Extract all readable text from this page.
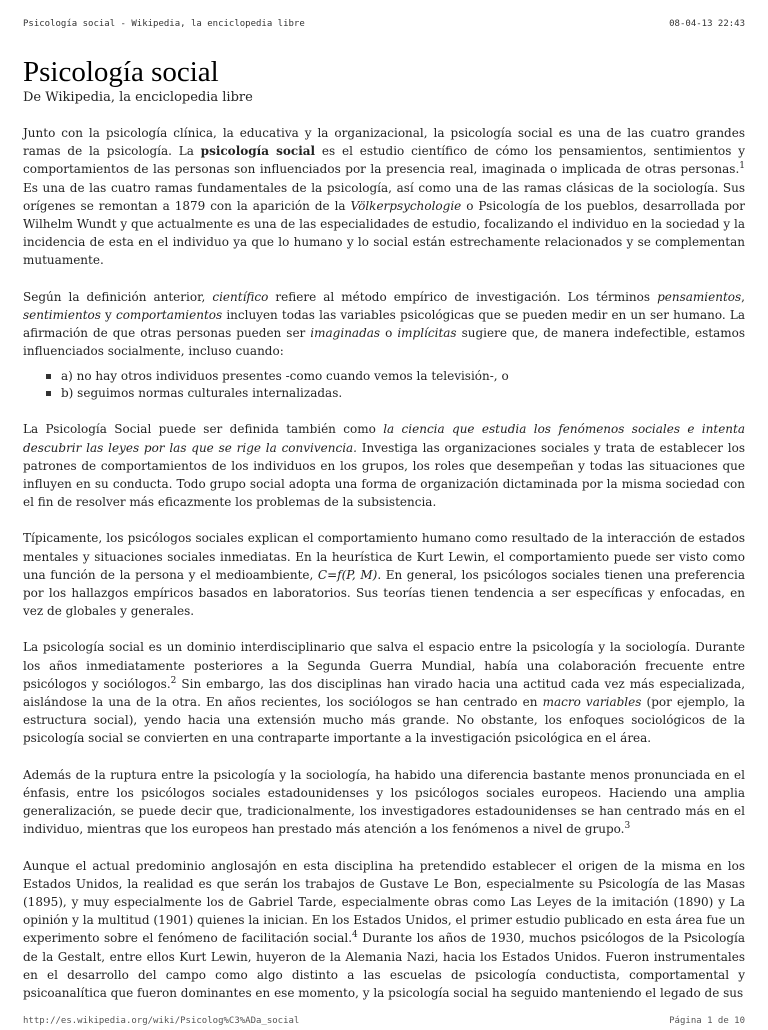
Psicología social - Wikipedia, la enciclopedia libre	08-04-13 22:43
Psicología social
De Wikipedia, la enciclopedia libre

Junto con la psicología clínica, la educativa y la organizacional, la psicología social es una de las cuatro grandes ramas de la psicología. La psicología social es el estudio científico de cómo los pensamientos, sentimientos y comportamientos de las personas son influenciados por la presencia real, imaginada o implicada de otras personas.$^1$ Es una de las cuatro ramas fundamentales de la psicología, así como una de las ramas clásicas de la sociología. Sus orígenes se remontan a 1879 con la aparición de la Völkerpsychologie o Psicología de los pueblos, desarrollada por Wilhelm Wundt y que actualmente es una de las especialidades de estudio, focalizando el individuo en la sociedad y la incidencia de esta en el individuo ya que lo humano y lo social están estrechamente relacionados y se complementan mutuamente.

Según la definición anterior, científico refiere al método empírico de investigación. Los términos pensamientos, sentimientos y comportamientos incluyen todas las variables psicológicas que se pueden medir en un ser humano. La afirmación de que otras personas pueden ser imaginadas o implícitas sugiere que, de manera indefectible, estamos influenciados socialmente, incluso cuando:

a) no hay otros individuos presentes -como cuando vemos la televisión-, o
b) seguimos normas culturales internalizadas.

La Psicología Social puede ser definida también como la ciencia que estudia los fenómenos sociales e intenta descubrir las leyes por las que se rige la convivencia. Investiga las organizaciones sociales y trata de establecer los patrones de comportamientos de los individuos en los grupos, los roles que desempeñan y todas las situaciones que influyen en su conducta. Todo grupo social adopta una forma de organización dictaminada por la misma sociedad con el fin de resolver más eficazmente los problemas de la subsistencia.

Típicamente, los psicólogos sociales explican el comportamiento humano como resultado de la interacción de estados mentales y situaciones sociales inmediatas. En la heurística de Kurt Lewin, el comportamiento puede ser visto como una función de la persona y el medioambiente, C=f(P, M). En general, los psicólogos sociales tienen una preferencia por los hallazgos empíricos basados en laboratorios. Sus teorías tienen tendencia a ser específicas y enfocadas, en vez de globales y generales.

La psicología social es un dominio interdisciplinario que salva el espacio entre la psicología y la sociología. Durante los años inmediatamente posteriores a la Segunda Guerra Mundial, había una colaboración frecuente entre psicólogos y sociólogos.$^2$ Sin embargo, las dos disciplinas han virado hacia una actitud cada vez más especializada, aislándose la una de la otra. En años recientes, los sociólogos se han centrado en macro variables (por ejemplo, la estructura social), yendo hacia una extensión mucho más grande. No obstante, los enfoques sociológicos de la psicología social se convierten en una contraparte importante a la investigación psicológica en el área.

Además de la ruptura entre la psicología y la sociología, ha habido una diferencia bastante menos pronunciada en el énfasis, entre los psicólogos sociales estadounidenses y los psicólogos sociales europeos. Haciendo una amplia generalización, se puede decir que, tradicionalmente, los investigadores estadounidenses se han centrado más en el individuo, mientras que los europeos han prestado más atención a los fenómenos a nivel de grupo.$^3$

Aunque el actual predominio anglosajón en esta disciplina ha pretendido establecer el origen de la misma en los Estados Unidos, la realidad es que serán los trabajos de Gustave Le Bon, especialmente su Psicología de las Masas (1895), y muy especialmente los de Gabriel Tarde, especialmente obras como Las Leyes de la imitación (1890) y La opinión y la multitud (1901) quienes la inician. En los Estados Unidos, el primer estudio publicado en esta área fue un experimento sobre el fenómeno de facilitación social.$^4$ Durante los años de 1930, muchos psicólogos de la Psicología de la Gestalt, entre ellos Kurt Lewin, huyeron de la Alemania Nazi, hacia los Estados Unidos. Fueron instrumentales en el desarrollo del campo como algo distinto a las escuelas de psicología conductista, comportamental y psicoanalítica que fueron dominantes en ese momento, y la psicología social ha seguido manteniendo el legado de sus

http://es.wikipedia.org/wiki/Psicolog%C3%ADa_social	Página 1 de 10
